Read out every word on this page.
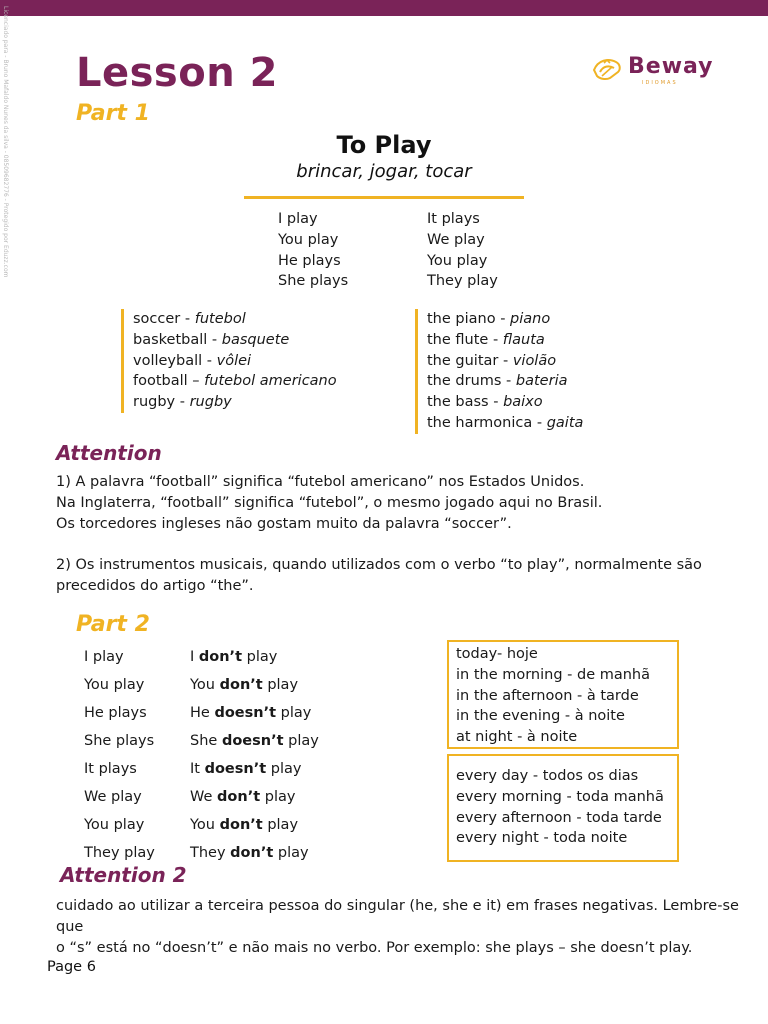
Licenciado para - Bruno Mafaldo Nunes da silva - 08509682776 - Protegido por Eduzz.com Lesson 2	Beway
IDIOMAS
Part 1
To Play
brincar, jogar, tocar
I play
You play
He plays
She plays
It plays
We play
You play
They play
soccer - futebol
basketball - basquete
volleyball - vôlei
football – futebol americano
rugby - rugby
the piano - piano
the flute - flauta
the guitar - violão
the drums - bateria
the bass - baixo
the harmonica - gaita
Attention
1) A palavra “football” significa “futebol americano” nos Estados Unidos.
Na Inglaterra, “football” significa “futebol”, o mesmo jogado aqui no Brasil.
Os torcedores ingleses não gostam muito da palavra “soccer”.
2) Os instrumentos musicais, quando utilizados com o verbo “to play”, normalmente são
precedidos do artigo “the”.
Part 2
I play
You play
He plays
She plays
It plays
We play
You play
They play
I don’t play
You don’t play
He doesn’t play
She doesn’t play
It doesn’t play
We don’t play
You don’t play
They don’t play
today- hoje
in the morning - de manhã
in the afternoon - à tarde
in the evening - à noite
at night - à noite
every day - todos os dias
every morning - toda manhã
every afternoon - toda tarde
every night - toda noite
Attention 2
cuidado ao utilizar a terceira pessoa do singular (he, she e it) em frases negativas. Lembre-se que
o “s” está no “doesn’t” e não mais no verbo. Por exemplo: she plays – she doesn’t play.
Page 6
